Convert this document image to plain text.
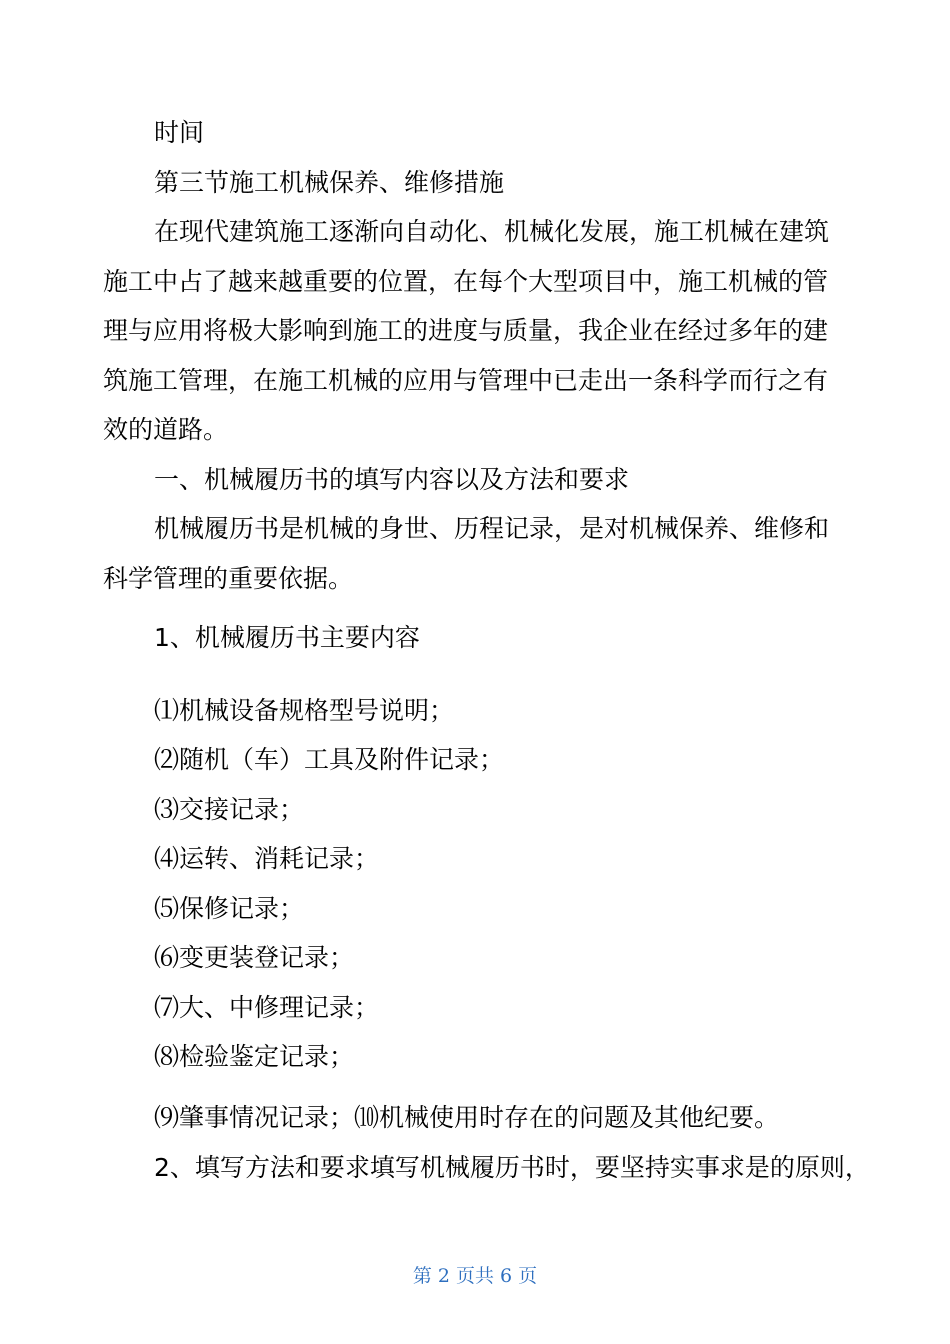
时间
第三节施工机械保养、维修措施
在现代建筑施工逐渐向自动化、机械化发展，施工机械在建筑
施工中占了越来越重要的位置，在每个大型项目中，施工机械的管
理与应用将极大影响到施工的进度与质量，我企业在经过多年的建
筑施工管理，在施工机械的应用与管理中已走出一条科学而行之有
效的道路。
一、机械履历书的填写内容以及方法和要求
机械履历书是机械的身世、历程记录，是对机械保养、维修和
科学管理的重要依据。
1、机械履历书主要内容
⑴机械设备规格型号说明；
⑵随机（车）工具及附件记录；
⑶交接记录；
⑷运转、消耗记录；
⑸保修记录；
⑹变更装登记录；
⑺大、中修理记录；
⑻检验鉴定记录；
⑼肇事情况记录；⑽机械使用时存在的问题及其他纪要。
2、填写方法和要求填写机械履历书时，要坚持实事求是的原则，
第 2 页共 6 页
